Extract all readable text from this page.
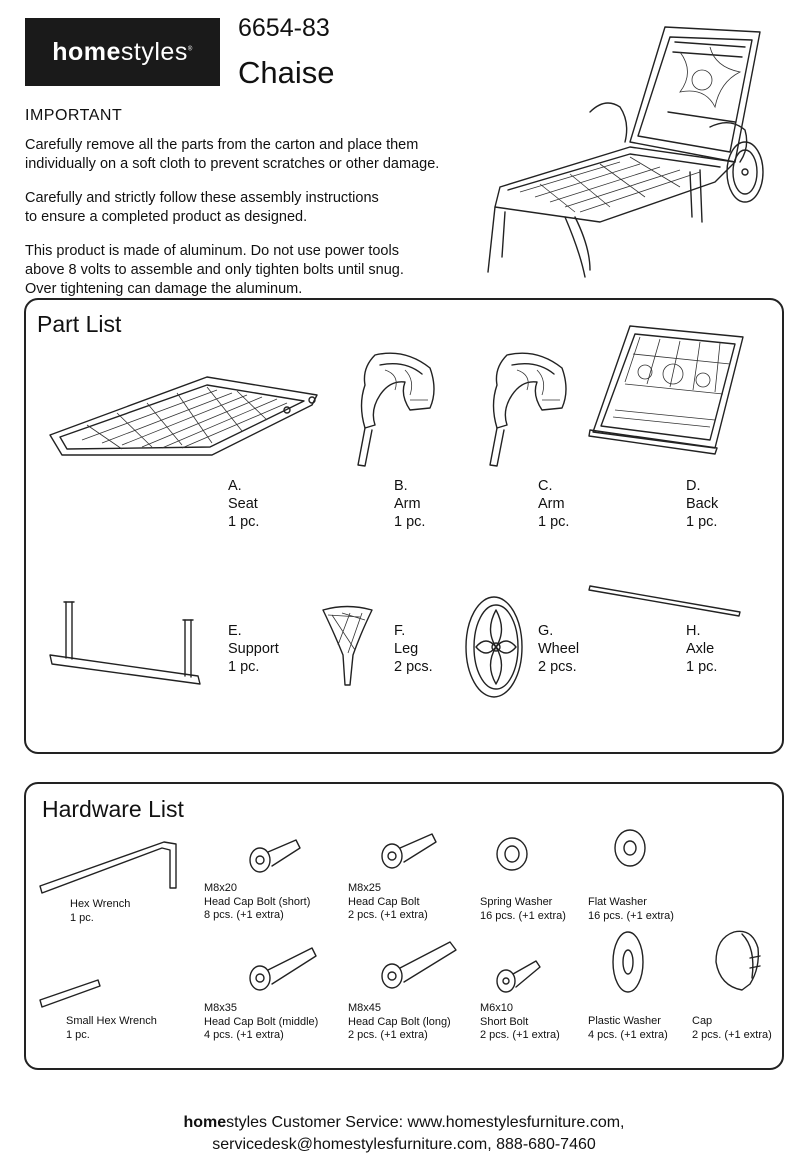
homestyles®
6654-83
Chaise
IMPORTANT
Carefully remove all the parts from the carton and place them
individually on a soft cloth to prevent scratches or other damage.
Carefully and strictly follow these assembly instructions
to ensure a completed product as designed.
This product is made of aluminum. Do not use power tools
above 8 volts to assemble and only tighten bolts until snug.
Over tightening can damage the aluminum.
Part List
A.
Seat
1 pc.
B.
Arm
1 pc.
C.
Arm
1 pc.
D.
Back
1 pc.
E.
Support
1 pc.
F.
Leg
2 pcs.
G.
Wheel
2 pcs.
H.
Axle
1 pc.
Hardware List
Hex Wrench
1 pc.
M8x20
Head Cap Bolt (short)
8 pcs. (+1 extra)
M8x25
Head Cap Bolt
2 pcs. (+1 extra)
Spring Washer
16 pcs. (+1 extra)
Flat Washer
16 pcs. (+1 extra)
Small Hex Wrench
1 pc.
M8x35
Head Cap Bolt (middle)
4 pcs. (+1 extra)
M8x45
Head Cap Bolt (long)
2 pcs. (+1 extra)
M6x10
Short Bolt
2 pcs. (+1 extra)
Plastic Washer
4 pcs. (+1 extra)
Cap
2 pcs. (+1 extra)
homestyles Customer Service: www.homestylesfurniture.com,
servicedesk@homestylesfurniture.com, 888-680-7460
